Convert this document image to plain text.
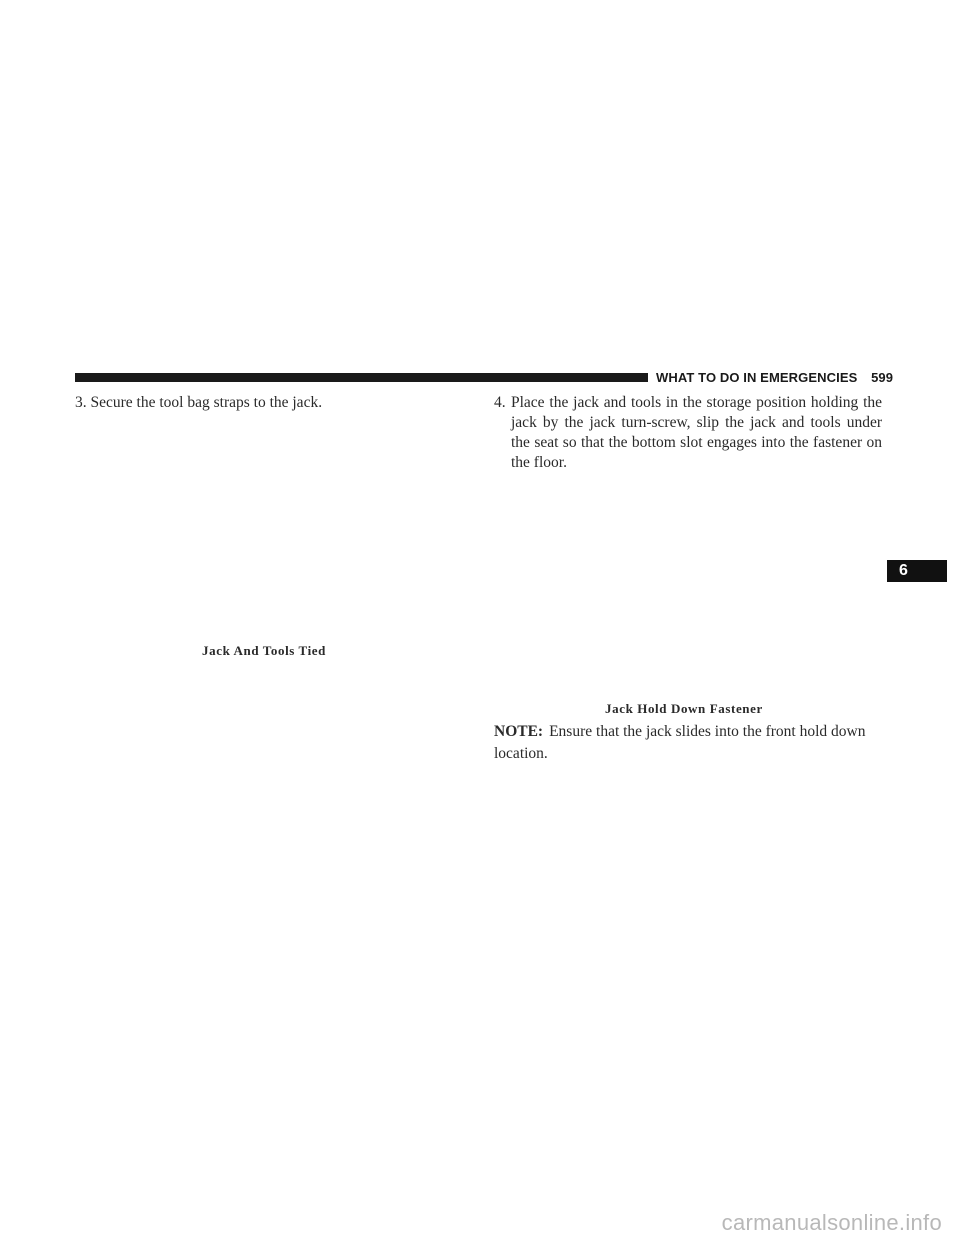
WHAT TO DO IN EMERGENCIES 599
3. Secure the tool bag straps to the jack.	4. Place the jack and tools in the storage position holding the jack by the jack turn-screw, slip the jack and tools under the seat so that the bottom slot engages into the fastener on the floor.
Jack And Tools Tied
Jack Hold Down Fastener
NOTE: Ensure that the jack slides into the front hold down location.
6
carmanualsonline.info
